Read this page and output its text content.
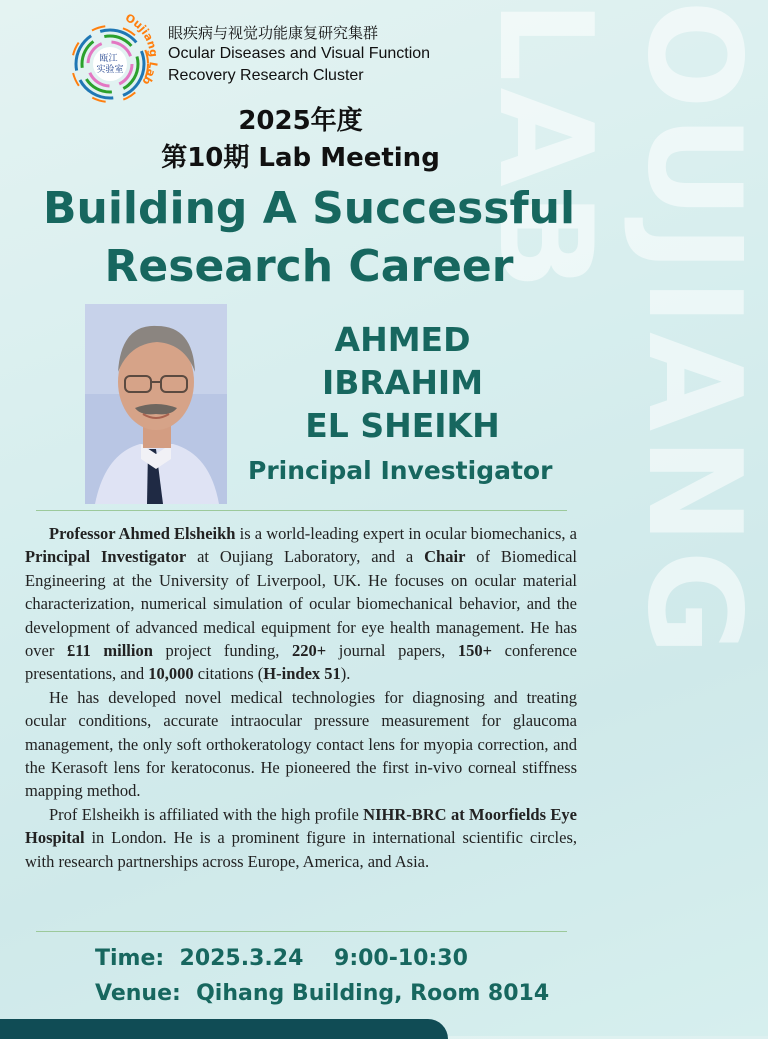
OUJIANG LAB
Oujiang Lab
瓯江 实验室
眼疾病与视觉功能康复研究集群
Ocular Diseases and Visual Function
Recovery Research Cluster
2025年度
第10期 Lab Meeting
Building A Successful
Research Career
AHMED
IBRAHIM
EL SHEIKH
Principal Investigator

Professor Ahmed Elsheikh is a world-leading expert in ocular biomechanics, a Principal Investigator at Oujiang Laboratory, and a Chair of Biomedical Engineering at the University of Liverpool, UK. He focuses on ocular material characterization, numerical simulation of ocular biomechanical behavior, and the development of advanced medical equipment for eye health management. He has over £11 million project funding, 220+ journal papers, 150+ conference presentations, and 10,000 citations (H-index 51).

He has developed novel medical technologies for diagnosing and treating ocular conditions, accurate intraocular pressure measurement for glaucoma management, the only soft orthokeratology contact lens for myopia correction, and the Kerasoft lens for keratoconus. He pioneered the first in-vivo corneal stiffness mapping method.

Prof Elsheikh is affiliated with the high profile NIHR-BRC at Moorfields Eye Hospital in London. He is a prominent figure in international scientific circles, with research partnerships across Europe, America, and Asia.

Time:  2025.3.24    9:00-10:30
Venue:  Qihang Building, Room 8014
